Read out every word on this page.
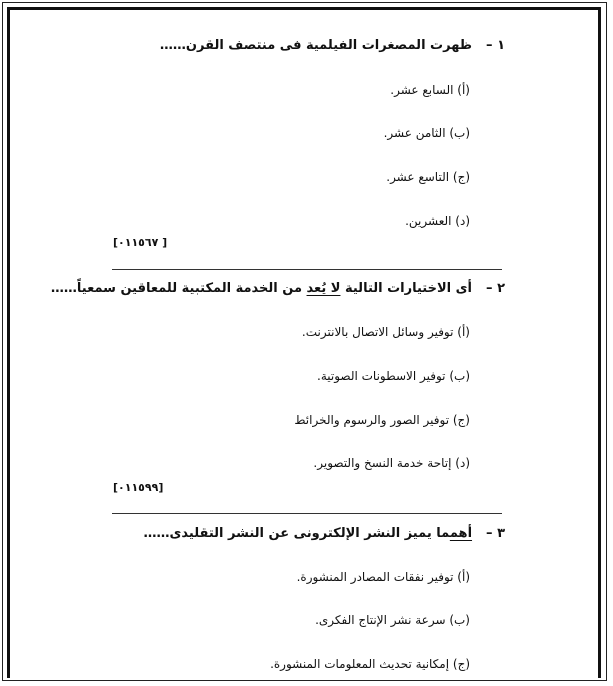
١ –ظهرت المصغرات الفيلمية فى منتصف القرن……
(أ) السابع عشر.
(ب) الثامن عشر.
(ج) التاسع عشر.
(د) العشرين.
[٠١١٥٦٧ ]
٢ –أى الاختيارات التالية لا يُعد من الخدمة المكتبية للمعاقين سمعياً……
(أ) توفير وسائل الاتصال بالانترنت.
(ب) توفير الاسطونات الصوتية.
(ج) توفير الصور والرسوم والخرائط
(د) إتاحة خدمة النسخ والتصوير.
[٠١١٥٩٩]
٣ –أهمما يميز النشر الإلكترونى عن النشر التقليدى……
(أ) توفير نفقات المصادر المنشورة.
(ب) سرعة نشر الإنتاج الفكرى.
(ج) إمكانية تحديث المعلومات المنشورة.
